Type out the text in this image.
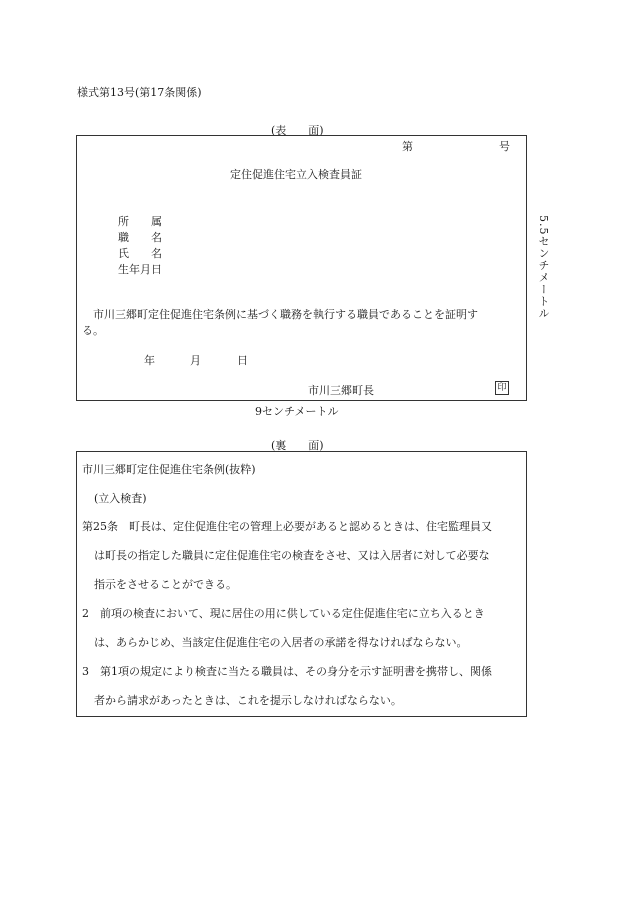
様式第13号(第17条関係)
(表　　面)
第	号
定住促進住宅立入検査員証
所　　属
職　　名
氏　　名
生年月日
　市川三郷町定住促進住宅条例に基づく職務を執行する職員であることを証明す
る。
年	月	日
市川三郷町長	印
5.5センチメートル
9センチメートル
(裏　　面)
市川三郷町定住促進住宅条例(抜粋)
(立入検査)
第25条　町長は、定住促進住宅の管理上必要があると認めるときは、住宅監理員又
は町長の指定した職員に定住促進住宅の検査をさせ、又は入居者に対して必要な
指示をさせることができる。
2　前項の検査において、現に居住の用に供している定住促進住宅に立ち入るとき
は、あらかじめ、当該定住促進住宅の入居者の承諾を得なければならない。
3　第1項の規定により検査に当たる職員は、その身分を示す証明書を携帯し、関係
者から請求があったときは、これを提示しなければならない。
